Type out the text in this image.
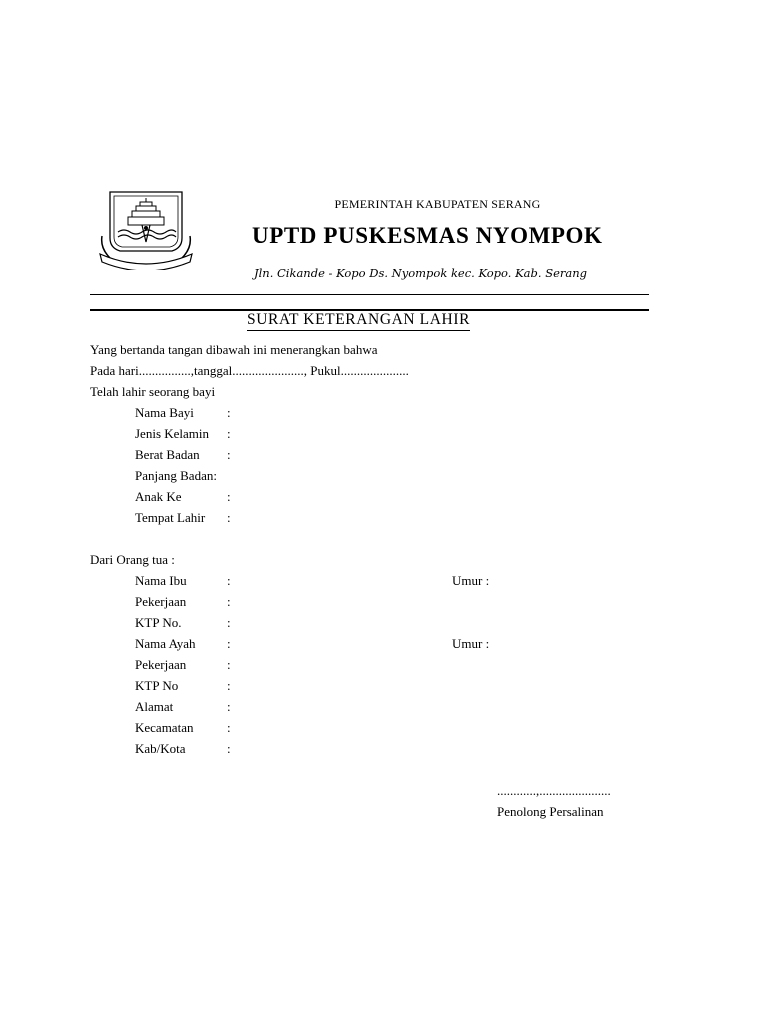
PEMERINTAH KABUPATEN SERANG
UPTD PUSKESMAS NYOMPOK
Jln. Cikande - Kopo Ds. Nyompok kec. Kopo. Kab. Serang
SURAT KETERANGAN LAHIR
Yang bertanda tangan dibawah ini menerangkan bahwa
Pada hari................,tanggal......................, Pukul.....................
Telah lahir seorang bayi
Nama Bayi	:
Jenis Kelamin :
Berat Badan :
Panjang Badan:
Anak Ke	:
Tempat Lahir :
Dari Orang tua :
Nama Ibu	:	Umur :
Pekerjaan	:
KTP No.	:
Nama Ayah :	Umur :
Pekerjaan	:
KTP No	:
Alamat	:
Kecamatan	:
Kab/Kota	:
............,......................
Penolong Persalinan
